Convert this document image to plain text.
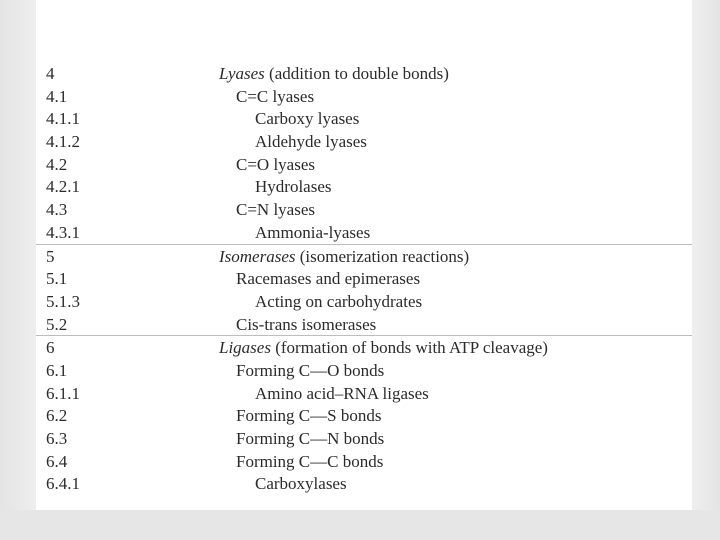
4	Lyases (addition to double bonds)
4.1	C=C lyases
4.1.1	Carboxy lyases
4.1.2	Aldehyde lyases
4.2	C=O lyases
4.2.1	Hydrolases
4.3	C=N lyases
4.3.1	Ammonia-lyases
5	Isomerases (isomerization reactions)
5.1	Racemases and epimerases
5.1.3	Acting on carbohydrates
5.2	Cis-trans isomerases
6	Ligases (formation of bonds with ATP cleavage)
6.1	Forming C—O bonds
6.1.1	Amino acid–RNA ligases
6.2	Forming C—S bonds
6.3	Forming C—N bonds
6.4	Forming C—C bonds
6.4.1	Carboxylases
